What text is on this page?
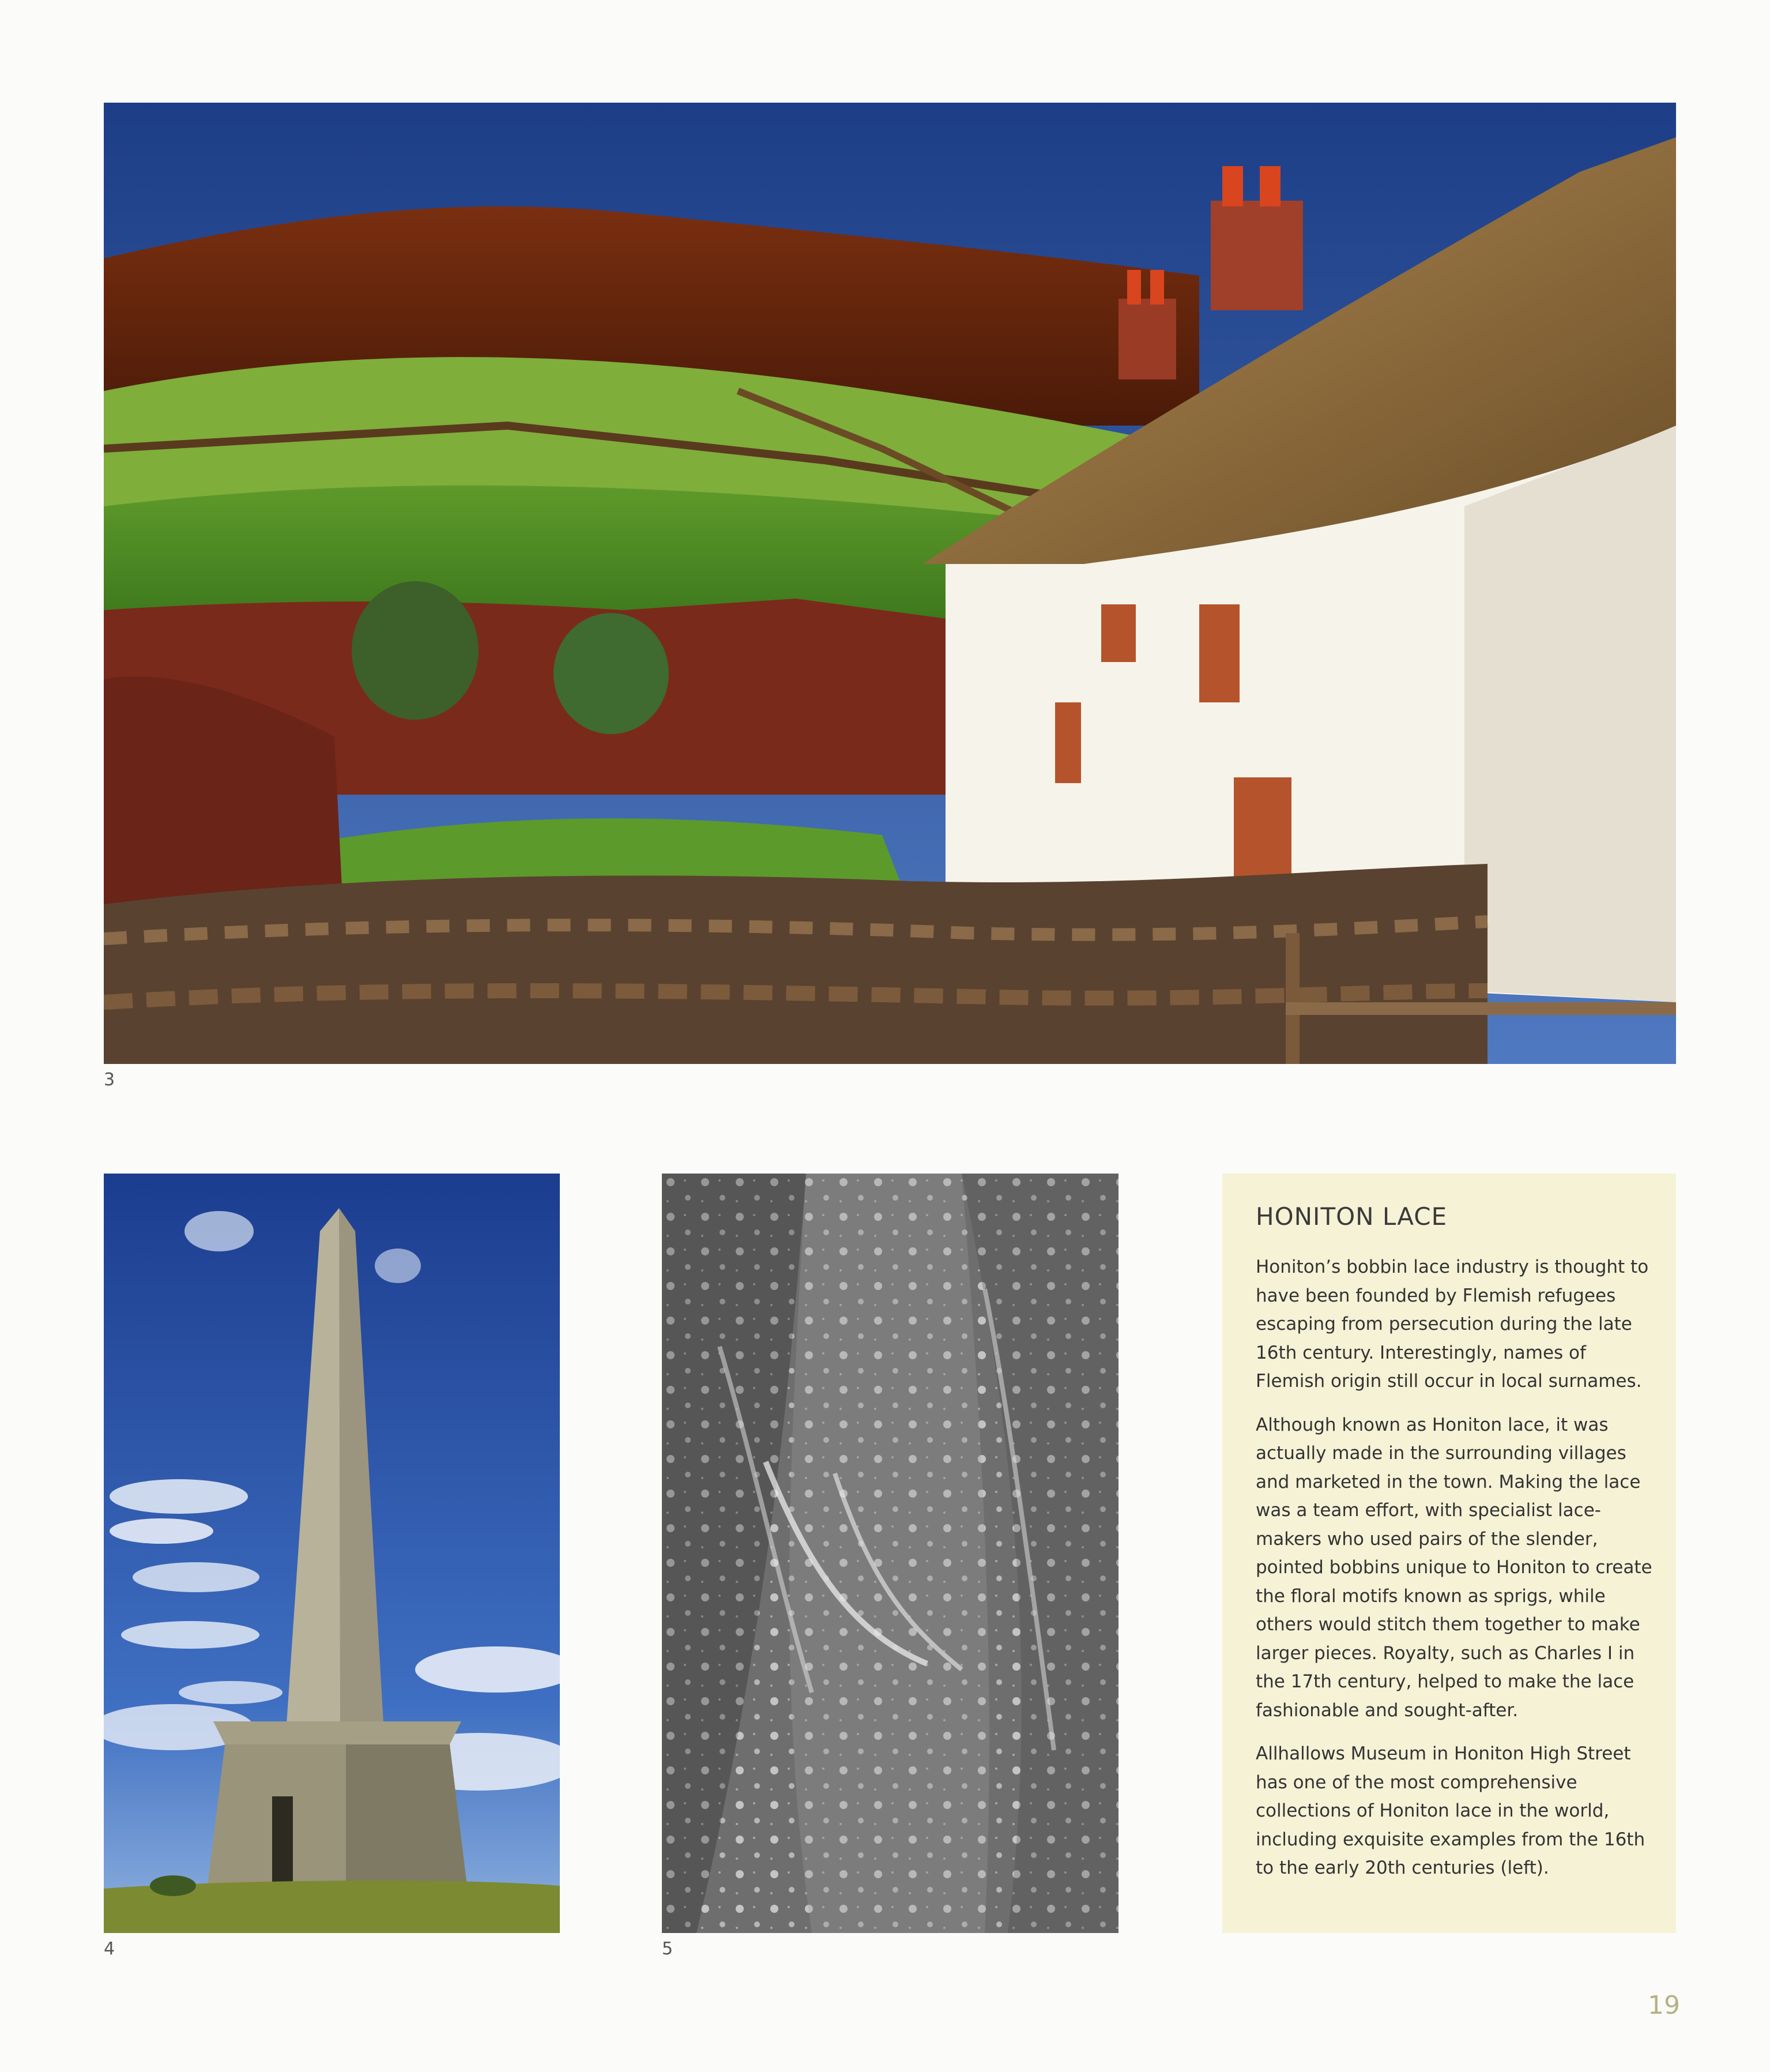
3
4	5
HONITON LACE

Honiton’s bobbin lace industry is thought to have been founded by Flemish refugees escaping from persecution during the late 16th century. Interestingly, names of Flemish origin still occur in local surnames.

Although known as Honiton lace, it was actually made in the surrounding villages and marketed in the town. Making the lace was a team effort, with specialist lace-makers who used pairs of the slender, pointed bobbins unique to Honiton to create the floral motifs known as sprigs, while others would stitch them together to make larger pieces. Royalty, such as Charles I in the 17th century, helped to make the lace fashionable and sought-after.

Allhallows Museum in Honiton High Street has one of the most comprehensive collections of Honiton lace in the world, including exquisite examples from the 16th to the early 20th centuries (left).

19
